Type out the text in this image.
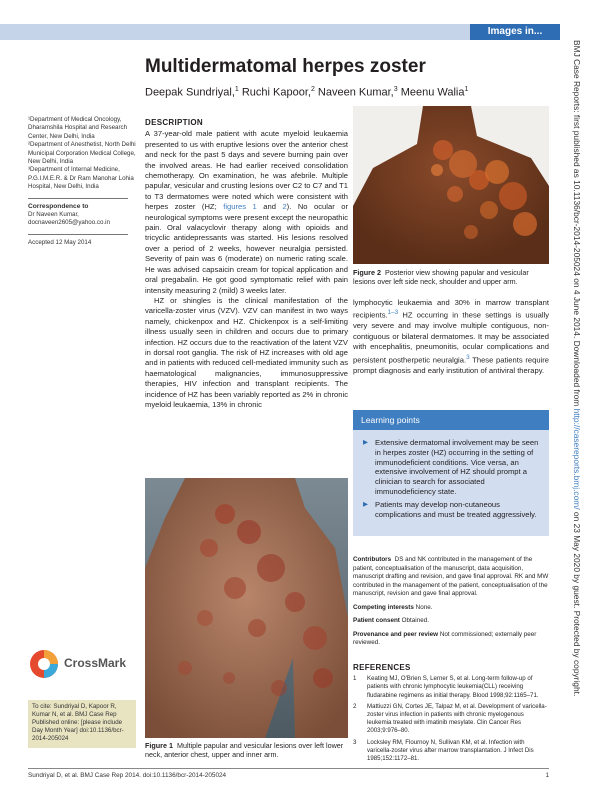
Images in...
Multidermatomal herpes zoster
Deepak Sundriyal,$^1$ Ruchi Kapoor,$^2$ Naveen Kumar,$^3$ Meenu Walia$^1$
¹Department of Medical Oncology, Dharamshila Hospital and Research Center, New Delhi, India
²Department of Anesthetist, North Delhi Municipal Corporation Medical College, New Delhi, India
³Department of Internal Medicine, P.G.I.M.E.R. & Dr Ram Manohar Lohia Hospital, New Delhi, India
Correspondence to
Dr Naveen Kumar,
docnaveen2605@yahoo.co.in
Accepted 12 May 2014
DESCRIPTION

A 37-year-old male patient with acute myeloid leukaemia presented to us with eruptive lesions over the anterior chest and neck for the past 5 days and severe burning pain over the involved areas. He had earlier received consolidation chemotherapy. On examination, he was afebrile. Multiple papular, vesicular and crusting lesions over C2 to C7 and T1 to T3 dermatomes were noted which were consistent with herpes zoster (HZ; figures 1 and 2). No ocular or neurological symptoms were present except the neuropathic pain. Oral valacyclovir therapy along with opioids and tricyclic antidepressants was started. His lesions resolved over a period of 2 weeks, however neuralgia persisted. Severity of pain was 6 (moderate) on numeric rating scale. He was advised capsaicin cream for topical application and oral pregabalin. He got good symptomatic relief with pain intensity measuring 2 (mild) 3 weeks later.

HZ or shingles is the clinical manifestation of the varicella-zoster virus (VZV). VZV can manifest in two ways namely, chickenpox and HZ. Chickenpox is a self-limiting illness usually seen in children and occurs due to primary infection. HZ occurs due to the reactivation of the latent VZV in dorsal root ganglia. The risk of HZ increases with old age and in patients with reduced cell-mediated immunity such as haematological malignancies, immunosuppressive therapies, HIV infection and transplant recipients. The incidence of HZ has been variably reported as 2% in chronic myeloid leukaemia, 13% in chronic

Figure 2 Posterior view showing papular and vesicular lesions over left side neck, shoulder and upper arm.

lymphocytic leukaemia and 30% in marrow transplant recipients.$^{1-3}$ HZ occurring in these settings is usually very severe and may involve multiple contiguous, non-contiguous or bilateral dermatomes. It may be associated with encephalitis, pneumonitis, ocular complications and persistent postherpetic neuralgia.$^3$ These patients require prompt diagnosis and early institution of antiviral therapy.

Learning points
▶ Extensive dermatomal involvement may be seen in herpes zoster (HZ) occurring in the setting of immunodeficient conditions. Vice versa, an extensive involvement of HZ should prompt a clinician to search for associated immunodeficiency state.
▶ Patients may develop non-cutaneous complications and must be treated aggressively.

Contributors DS and NK contributed in the management of the patient, conceptualisation of the manuscript, data acquisition, manuscript drafting and revision, and gave final approval. RK and MW contributed in the management of the patient, conceptualisation of the manuscript, revision and gave final approval.

Competing interests None.

Patient consent Obtained.

Provenance and peer review Not commissioned; externally peer reviewed.

REFERENCES
1 Keating MJ, O'Brien S, Lerner S, et al. Long-term follow-up of patients with chronic lymphocytic leukemia(CLL) receiving fludarabine regimens as initial therapy. Blood 1998;92:1165–71.
2 Mattiuzzi GN, Cortes JE, Talpaz M, et al. Development of varicella-zoster virus infection in patients with chronic myelogenous leukemia treated with imatinib mesylate. Clin Cancer Res 2003;9:976–80.
3 Locksley RM, Flournoy N, Sullivan KM, et al. Infection with varicella-zoster virus after marrow transplantation. J Infect Dis 1985;152:1172–81.
Figure 1 Multiple papular and vesicular lesions over left lower neck, anterior chest, upper and inner arm.
CrossMark
To cite: Sundriyal D, Kapoor R, Kumar N, et al. BMJ Case Rep Published online: [please include Day Month Year] doi:10.1136/bcr-2014-205024
Sundriyal D, et al. BMJ Case Rep 2014. doi:10.1136/bcr-2014-205024	1
BMJ Case Reports: first published as 10.1136/bcr-2014-205024 on 4 June 2014. Downloaded from http://casereports.bmj.com/ on 23 May 2020 by guest. Protected by copyright.
